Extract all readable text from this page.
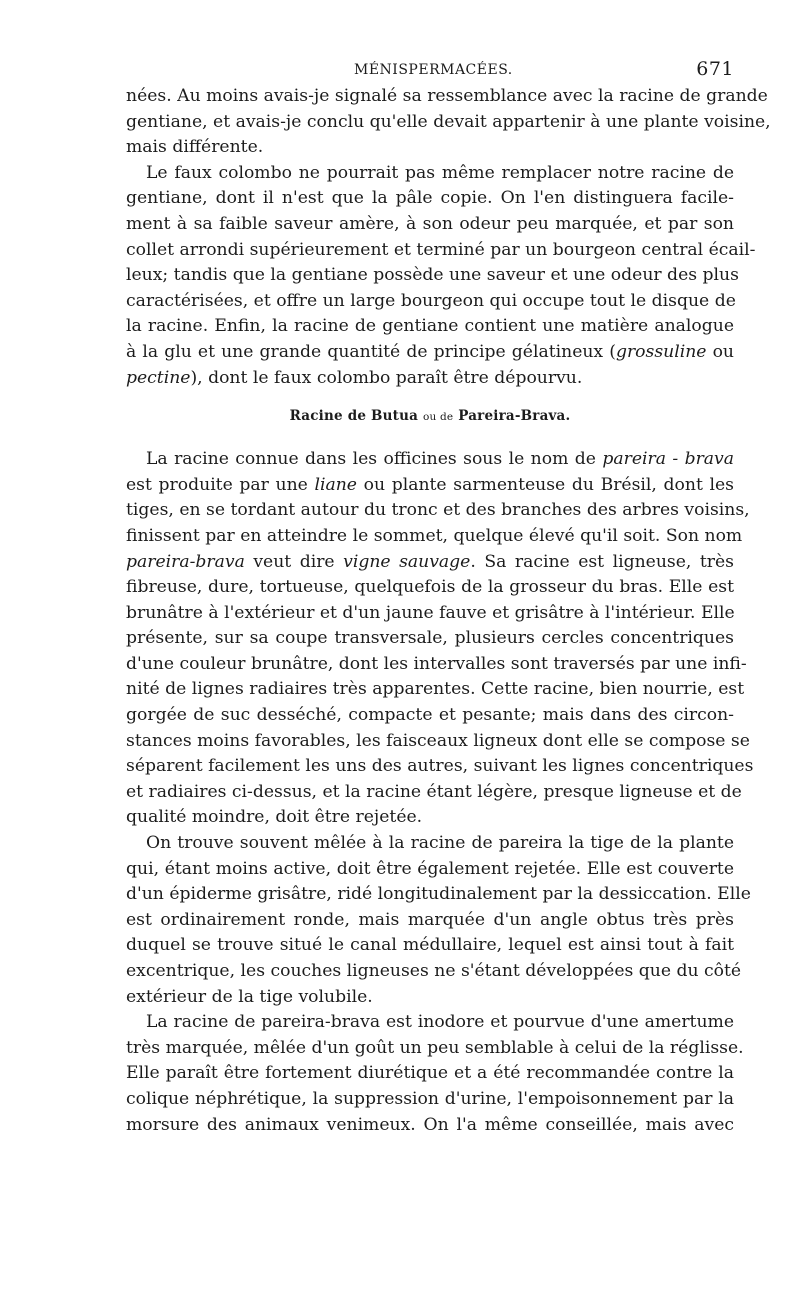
MÉNISPERMACÉES.	671
nées. Au moins avais-je signalé sa ressemblance avec la racine de grande
gentiane, et avais-je conclu qu'elle devait appartenir à une plante voisine,
mais différente.
Le faux colombo ne pourrait pas même remplacer notre racine de
gentiane, dont il n'est que la pâle copie. On l'en distinguera facile-
ment à sa faible saveur amère, à son odeur peu marquée, et par son
collet arrondi supérieurement et terminé par un bourgeon central écail-
leux; tandis que la gentiane possède une saveur et une odeur des plus
caractérisées, et offre un large bourgeon qui occupe tout le disque de
la racine. Enfin, la racine de gentiane contient une matière analogue
à la glu et une grande quantité de principe gélatineux (grossuline ou
pectine), dont le faux colombo paraît être dépourvu.
Racine de Butua ou de Pareira-Brava.
La racine connue dans les officines sous le nom de pareira - brava
est produite par une liane ou plante sarmenteuse du Brésil, dont les
tiges, en se tordant autour du tronc et des branches des arbres voisins,
finissent par en atteindre le sommet, quelque élevé qu'il soit. Son nom
pareira-brava veut dire vigne sauvage. Sa racine est ligneuse, très
fibreuse, dure, tortueuse, quelquefois de la grosseur du bras. Elle est
brunâtre à l'extérieur et d'un jaune fauve et grisâtre à l'intérieur. Elle
présente, sur sa coupe transversale, plusieurs cercles concentriques
d'une couleur brunâtre, dont les intervalles sont traversés par une infi-
nité de lignes radiaires très apparentes. Cette racine, bien nourrie, est
gorgée de suc desséché, compacte et pesante; mais dans des circon-
stances moins favorables, les faisceaux ligneux dont elle se compose se
séparent facilement les uns des autres, suivant les lignes concentriques
et radiaires ci-dessus, et la racine étant légère, presque ligneuse et de
qualité moindre, doit être rejetée.
On trouve souvent mêlée à la racine de pareira la tige de la plante
qui, étant moins active, doit être également rejetée. Elle est couverte
d'un épiderme grisâtre, ridé longitudinalement par la dessiccation. Elle
est ordinairement ronde, mais marquée d'un angle obtus très près
duquel se trouve situé le canal médullaire, lequel est ainsi tout à fait
excentrique, les couches ligneuses ne s'étant développées que du côté
extérieur de la tige volubile.
La racine de pareira-brava est inodore et pourvue d'une amertume
très marquée, mêlée d'un goût un peu semblable à celui de la réglisse.
Elle paraît être fortement diurétique et a été recommandée contre la
colique néphrétique, la suppression d'urine, l'empoisonnement par la
morsure des animaux venimeux. On l'a même conseillée, mais avec
